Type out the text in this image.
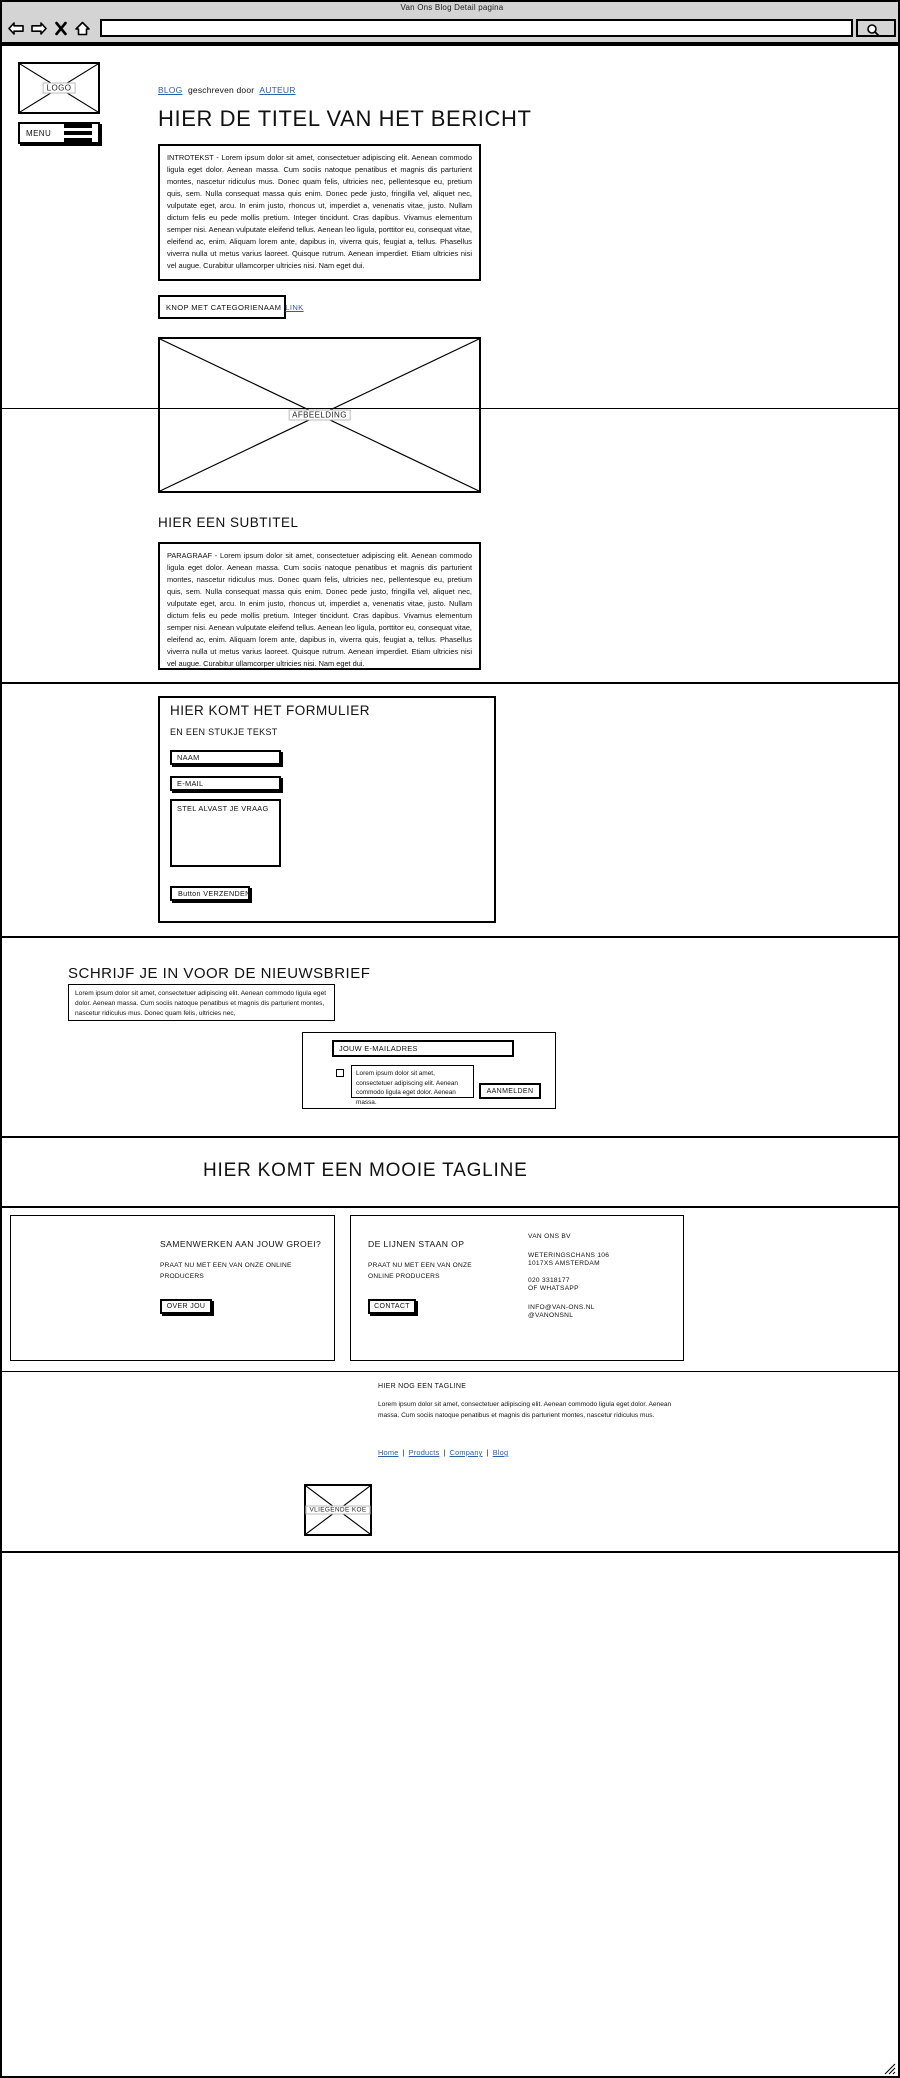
Van Ons Blog Detail pagina
LOGO
MENU
BLOG geschreven door AUTEUR
HIER DE TITEL VAN HET BERICHT
INTROTEKST - Lorem ipsum dolor sit amet, consectetuer adipiscing elit. Aenean commodo ligula eget dolor. Aenean massa. Cum sociis natoque penatibus et magnis dis parturient montes, nascetur ridiculus mus. Donec quam felis, ultricies nec, pellentesque eu, pretium quis, sem. Nulla consequat massa quis enim. Donec pede justo, fringilla vel, aliquet nec, vulputate eget, arcu. In enim justo, rhoncus ut, imperdiet a, venenatis vitae, justo. Nullam dictum felis eu pede mollis pretium. Integer tincidunt. Cras dapibus. Vivamus elementum semper nisi. Aenean vulputate eleifend tellus. Aenean leo ligula, porttitor eu, consequat vitae, eleifend ac, enim. Aliquam lorem ante, dapibus in, viverra quis, feugiat a, tellus. Phasellus viverra nulla ut metus varius laoreet. Quisque rutrum. Aenean imperdiet. Etiam ultricies nisi vel augue. Curabitur ullamcorper ultricies nisi. Nam eget dui.
KNOP MET CATEGORIENAAM LINK
AFBEELDING
HIER EEN SUBTITEL
PARAGRAAF - Lorem ipsum dolor sit amet, consectetuer adipiscing elit. Aenean commodo ligula eget dolor. Aenean massa. Cum sociis natoque penatibus et magnis dis parturient montes, nascetur ridiculus mus. Donec quam felis, ultricies nec, pellentesque eu, pretium quis, sem. Nulla consequat massa quis enim. Donec pede justo, fringilla vel, aliquet nec, vulputate eget, arcu. In enim justo, rhoncus ut, imperdiet a, venenatis vitae, justo. Nullam dictum felis eu pede mollis pretium. Integer tincidunt. Cras dapibus. Vivamus elementum semper nisi. Aenean vulputate eleifend tellus. Aenean leo ligula, porttitor eu, consequat vitae, eleifend ac, enim. Aliquam lorem ante, dapibus in, viverra quis, feugiat a, tellus. Phasellus viverra nulla ut metus varius laoreet. Quisque rutrum. Aenean imperdiet. Etiam ultricies nisi vel augue. Curabitur ullamcorper ultricies nisi. Nam eget dui.
HIER KOMT HET FORMULIER
EN EEN STUKJE TEKST
NAAM
E-MAIL
STEL ALVAST JE VRAAG
Button VERZENDEN
SCHRIJF JE IN VOOR DE NIEUWSBRIEF
Lorem ipsum dolor sit amet, consectetuer adipiscing elit. Aenean commodo ligula eget dolor. Aenean massa. Cum sociis natoque penatibus et magnis dis parturient montes, nascetur ridiculus mus. Donec quam felis, ultricies nec,
JOUW E-MAILADRES
Lorem ipsum dolor sit amet, consectetuer adipiscing elit. Aenean commodo ligula eget dolor. Aenean massa.
AANMELDEN
HIER KOMT EEN MOOIE TAGLINE
SAMENWERKEN AAN JOUW GROEI?
PRAAT NU MET EEN VAN ONZE ONLINE PRODUCERS
OVER JOU
DE LIJNEN STAAN OP
PRAAT NU MET EEN VAN ONZE ONLINE PRODUCERS
CONTACT
VAN ONS BV
WETERINGSCHANS 106
1017XS AMSTERDAM
020 3318177
OF WHATSAPP
INFO@VAN-ONS.NL
@VANONSNL
HIER NOG EEN TAGLINE
Lorem ipsum dolor sit amet, consectetuer adipiscing elit. Aenean commodo ligula eget dolor. Aenean massa. Cum sociis natoque penatibus et magnis dis parturient montes, nascetur ridiculus mus.
Home | Products | Company | Blog
VLIEGENDE KOE
